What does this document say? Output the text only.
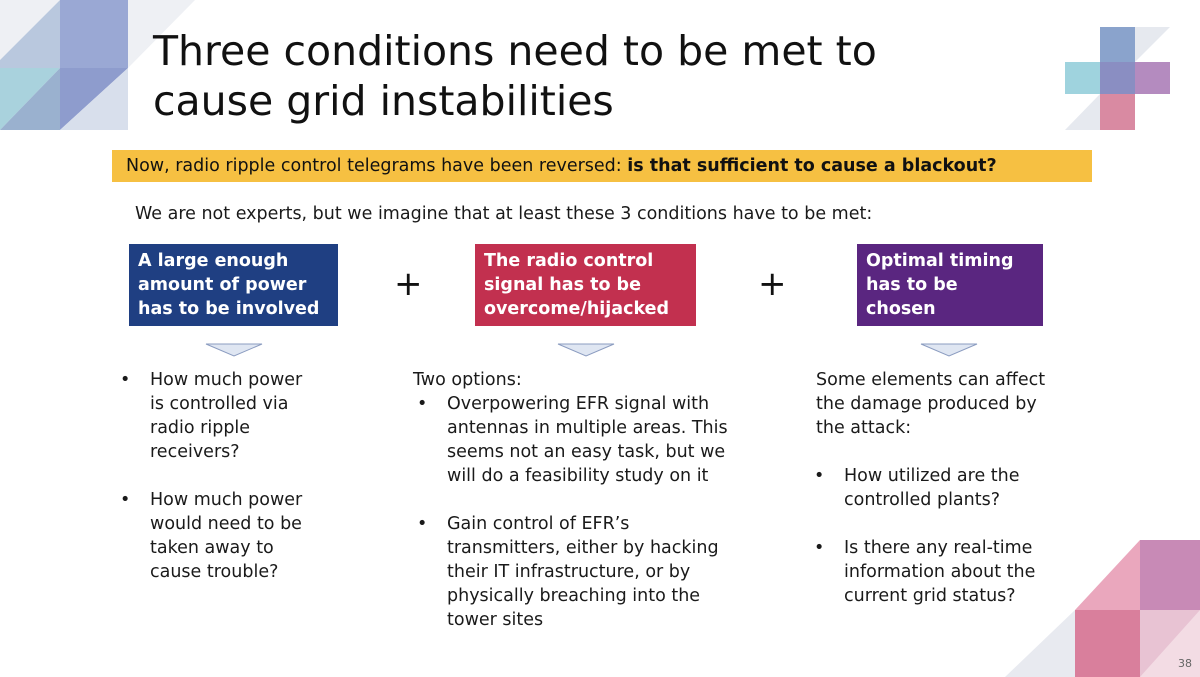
Three conditions need to be met to
cause grid instabilities
Now, radio ripple control telegrams have been reversed: is that sufficient to cause a blackout?
We are not experts, but we imagine that at least these 3 conditions have to be met:
A large enough
amount of power
has to be involved
+
The radio control
signal has to be
overcome/hijacked
+
Optimal timing
has to be
chosen
• How much power
is controlled via
radio ripple
receivers?
• How much power
would need to be
taken away to
cause trouble?

Two options:

• Overpowering EFR signal with
antennas in multiple areas. This
seems not an easy task, but we
will do a feasibility study on it
• Gain control of EFR’s
transmitters, either by hacking
their IT infrastructure, or by
physically breaching into the
tower sites

Some elements can affect

the damage produced by

the attack:

• How utilized are the
controlled plants?
• Is there any real-time
information about the
current grid status?
38
